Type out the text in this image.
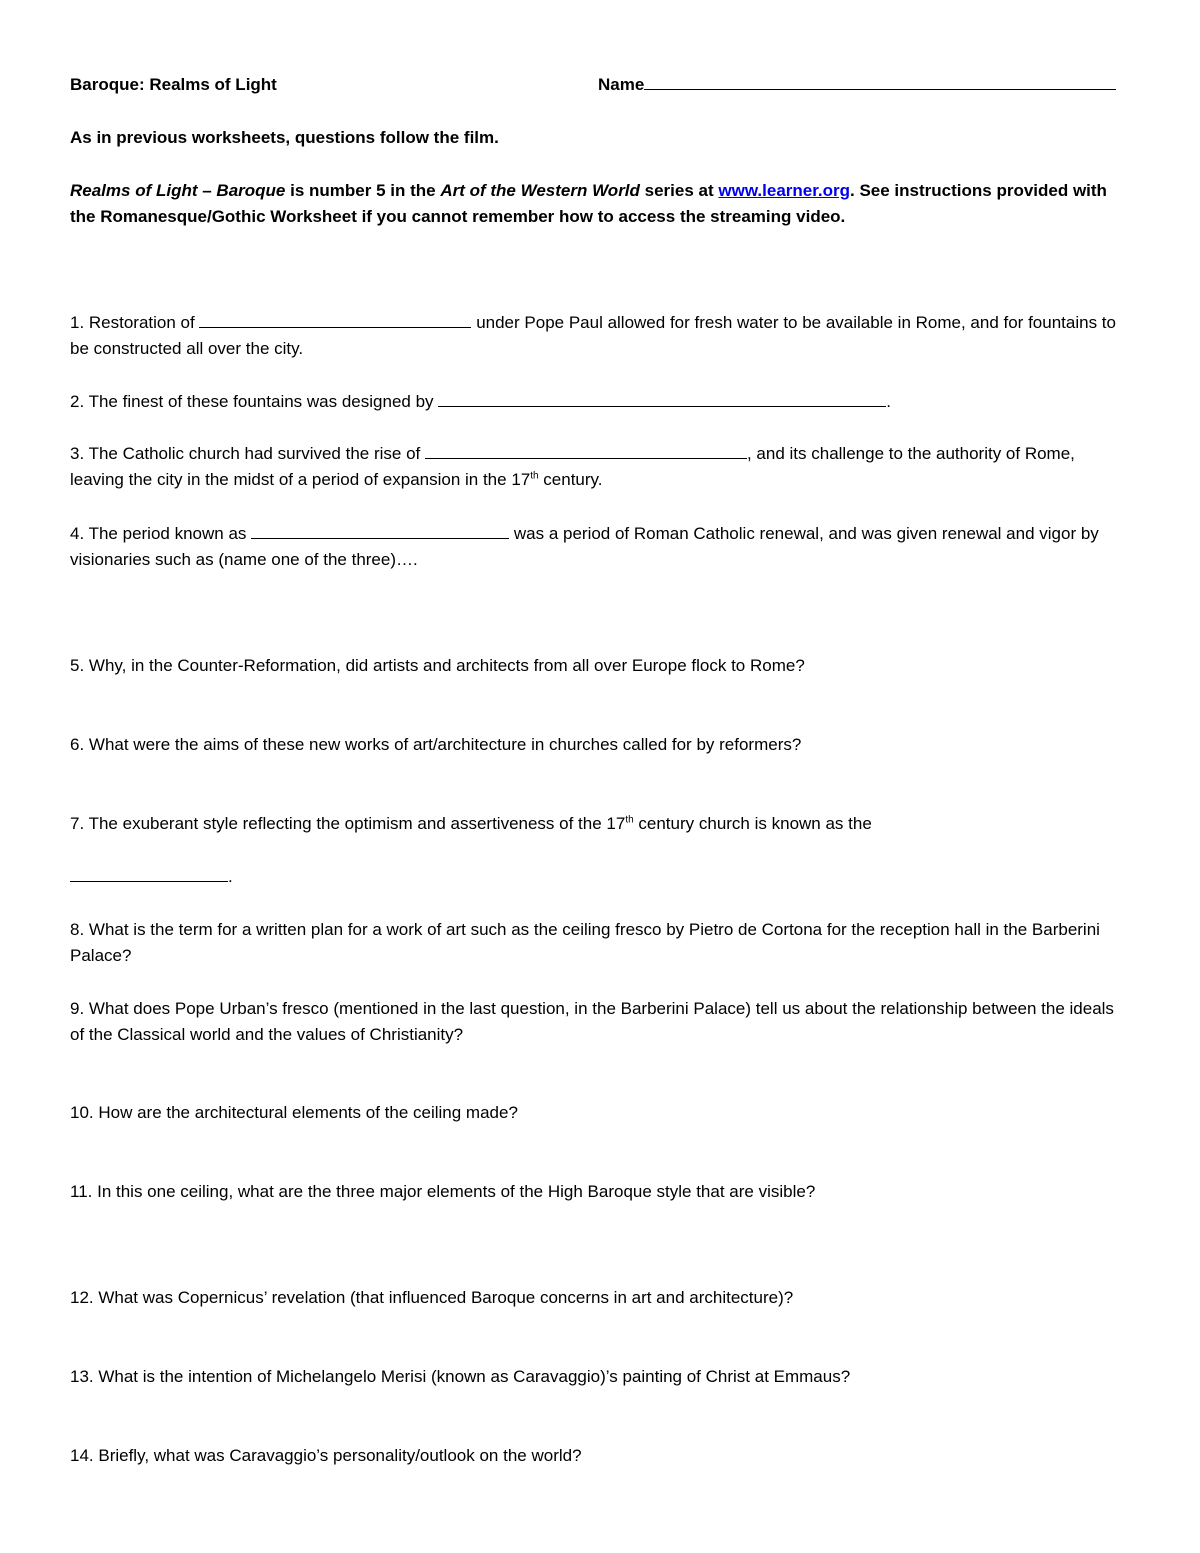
Baroque: Realms of Light	Name
As in previous worksheets, questions follow the film.
Realms of Light – Baroque is number 5 in the Art of the Western World series at www.learner.org. See instructions provided with the Romanesque/Gothic Worksheet if you cannot remember how to access the streaming video.
1. Restoration of	under Pope Paul allowed for fresh water to be available in Rome, and for fountains to be constructed all over the city.
2. The finest of these fountains was designed by	.
3. The Catholic church had survived the rise of	, and its challenge to the authority of Rome, leaving the city in the midst of a period of expansion in the 17th century.
4. The period known as	was a period of Roman Catholic renewal, and was given renewal and vigor by visionaries such as (name one of the three)….
5. Why, in the Counter-Reformation, did artists and architects from all over Europe flock to Rome?
6. What were the aims of these new works of art/architecture in churches called for by reformers?
7. The exuberant style reflecting the optimism and assertiveness of the 17th century church is known as the
.
8. What is the term for a written plan for a work of art such as the ceiling fresco by Pietro de Cortona for the reception hall in the Barberini Palace?
9. What does Pope Urban’s fresco (mentioned in the last question, in the Barberini Palace) tell us about the relationship between the ideals of the Classical world and the values of Christianity?
10. How are the architectural elements of the ceiling made?
11. In this one ceiling, what are the three major elements of the High Baroque style that are visible?
12. What was Copernicus’ revelation (that influenced Baroque concerns in art and architecture)?
13. What is the intention of Michelangelo Merisi (known as Caravaggio)’s painting of Christ at Emmaus?
14. Briefly, what was Caravaggio’s personality/outlook on the world?
